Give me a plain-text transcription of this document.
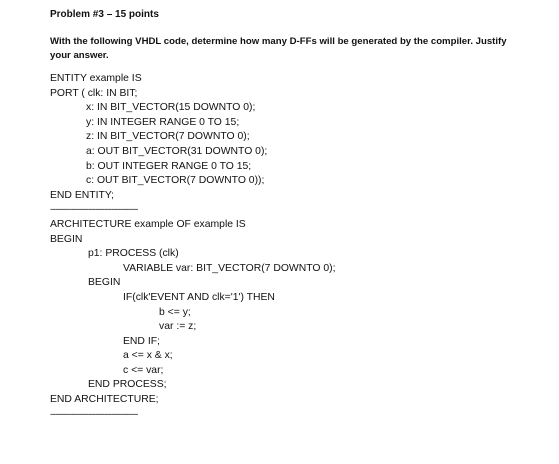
Problem #3 – 15 points
With the following VHDL code, determine how many D-FFs will be generated by the compiler. Justify your answer.
ENTITY example IS
PORT ( clk: IN BIT;
x: IN BIT_VECTOR(15 DOWNTO 0);
y: IN INTEGER RANGE 0 TO 15;
z: IN BIT_VECTOR(7 DOWNTO 0);
a: OUT BIT_VECTOR(31 DOWNTO 0);
b: OUT INTEGER RANGE 0 TO 15;
c: OUT BIT_VECTOR(7 DOWNTO 0));
END ENTITY;
-------------------------------------
ARCHITECTURE example OF example IS
BEGIN
p1: PROCESS (clk)
VARIABLE var: BIT_VECTOR(7 DOWNTO 0);
BEGIN
IF(clk'EVENT AND clk='1') THEN
b <= y;
var := z;
END IF;
a <= x & x;
c <= var;
END PROCESS;
END ARCHITECTURE;
-------------------------------------
